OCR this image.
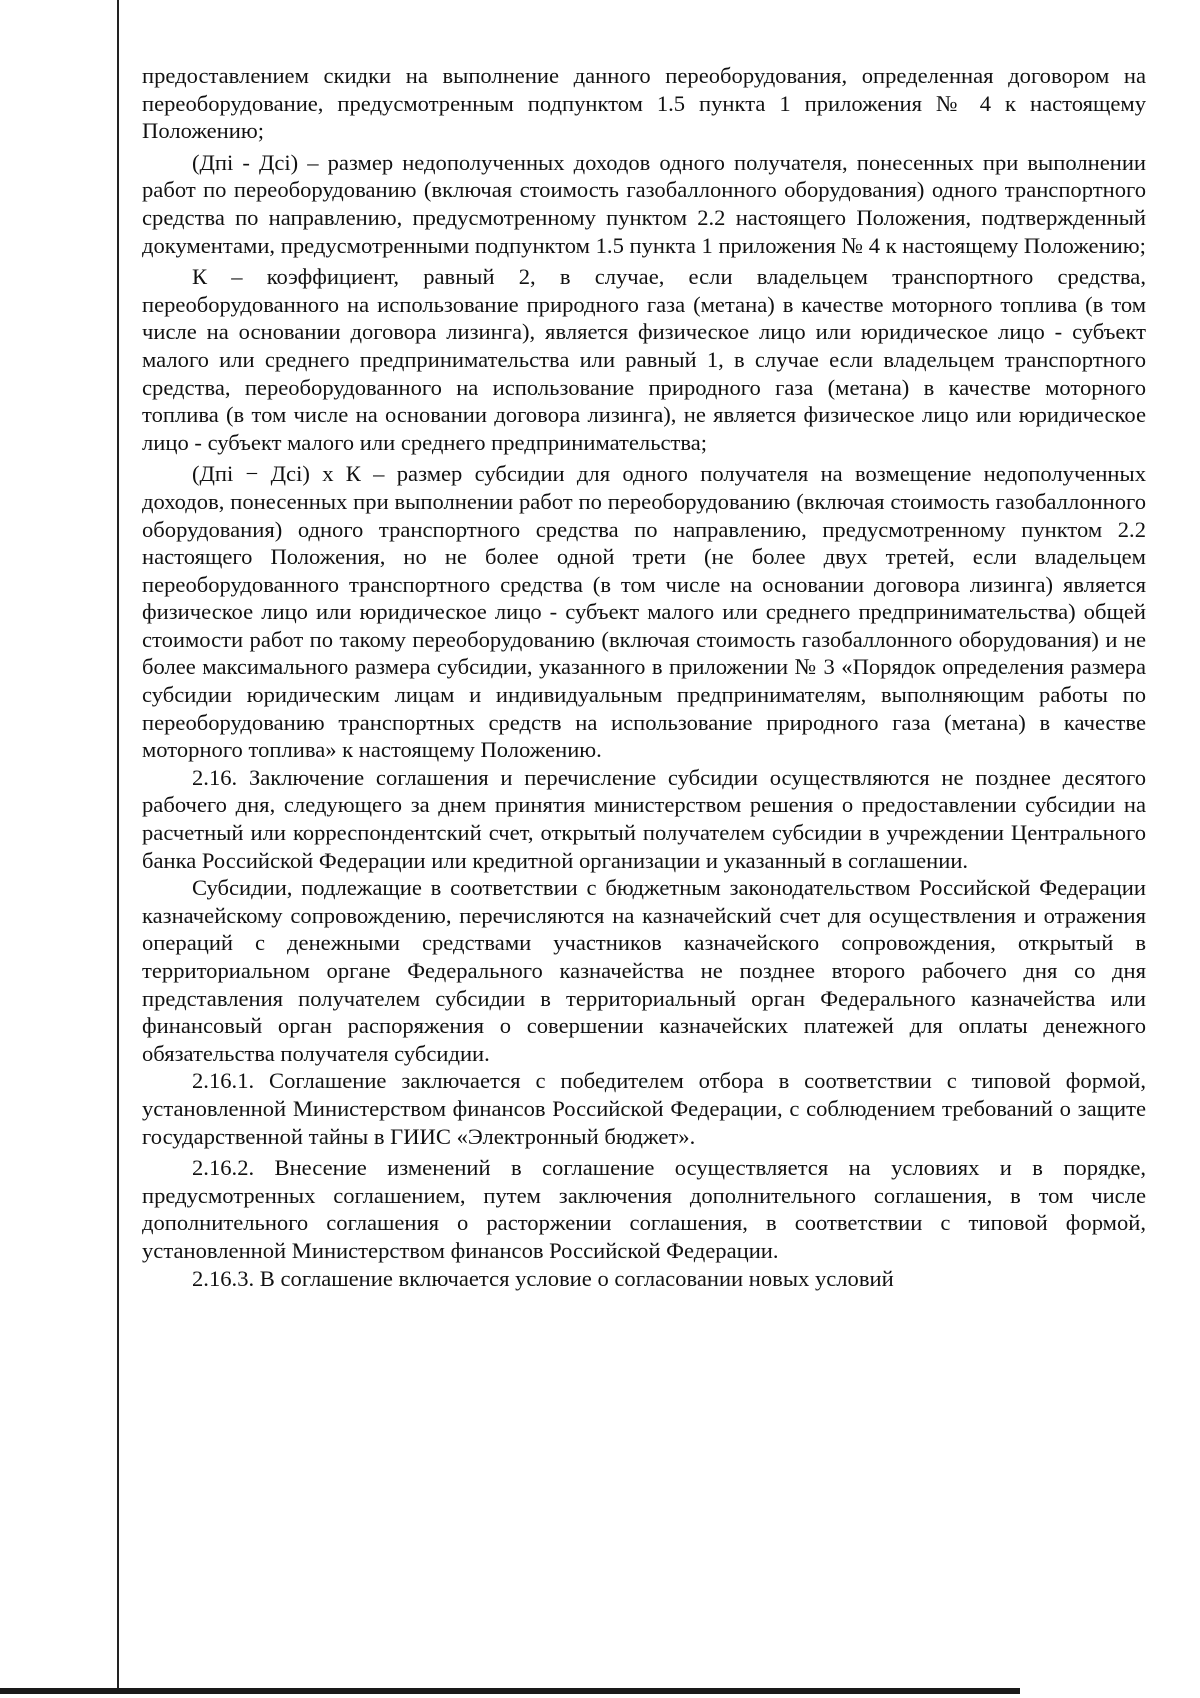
предоставлением скидки на выполнение данного переоборудования, определенная договором на переоборудование, предусмотренным подпунктом 1.5 пункта 1 приложения № 4 к настоящему Положению;

(Дпi - Дci) – размер недополученных доходов одного получателя, понесенных при выполнении работ по переоборудованию (включая стоимость газобаллонного оборудования) одного транспортного средства по направлению, предусмотренному пунктом 2.2 настоящего Положения, подтвержденный документами, предусмотренными подпунктом 1.5 пункта 1 приложения № 4 к настоящему Положению;

К – коэффициент, равный 2, в случае, если владельцем транспортного средства, переоборудованного на использование природного газа (метана) в качестве моторного топлива (в том числе на основании договора лизинга), является физическое лицо или юридическое лицо - субъект малого или среднего предпринимательства или равный 1, в случае если владельцем транспортного средства, переоборудованного на использование природного газа (метана) в качестве моторного топлива (в том числе на основании договора лизинга), не является физическое лицо или юридическое лицо - субъект малого или среднего предпринимательства;

(Дпi − Дci) x К – размер субсидии для одного получателя на возмещение недополученных доходов, понесенных при выполнении работ по переоборудованию (включая стоимость газобаллонного оборудования) одного транспортного средства по направлению, предусмотренному пунктом 2.2 настоящего Положения, но не более одной трети (не более двух третей, если владельцем переоборудованного транспортного средства (в том числе на основании договора лизинга) является физическое лицо или юридическое лицо - субъект малого или среднего предпринимательства) общей стоимости работ по такому переоборудованию (включая стоимость газобаллонного оборудования) и не более максимального размера субсидии, указанного в приложении № 3 «Порядок определения размера субсидии юридическим лицам и индивидуальным предпринимателям, выполняющим работы по переоборудованию транспортных средств на использование природного газа (метана) в качестве моторного топлива» к настоящему Положению.

2.16. Заключение соглашения и перечисление субсидии осуществляются не позднее десятого рабочего дня, следующего за днем принятия министерством решения о предоставлении субсидии на расчетный или корреспондентский счет, открытый получателем субсидии в учреждении Центрального банка Российской Федерации или кредитной организации и указанный в соглашении.

Субсидии, подлежащие в соответствии с бюджетным законодательством Российской Федерации казначейскому сопровождению, перечисляются на казначейский счет для осуществления и отражения операций с денежными средствами участников казначейского сопровождения, открытый в территориальном органе Федерального казначейства не позднее второго рабочего дня со дня представления получателем субсидии в территориальный орган Федерального казначейства или финансовый орган распоряжения о совершении казначейских платежей для оплаты денежного обязательства получателя субсидии.

2.16.1. Соглашение заключается с победителем отбора в соответствии с типовой формой, установленной Министерством финансов Российской Федерации, с соблюдением требований о защите государственной тайны в ГИИС «Электронный бюджет».

2.16.2. Внесение изменений в соглашение осуществляется на условиях и в порядке, предусмотренных соглашением, путем заключения дополнительного соглашения, в том числе дополнительного соглашения о расторжении соглашения, в соответствии с типовой формой, установленной Министерством финансов Российской Федерации.

2.16.3. В соглашение включается условие о согласовании новых условий
